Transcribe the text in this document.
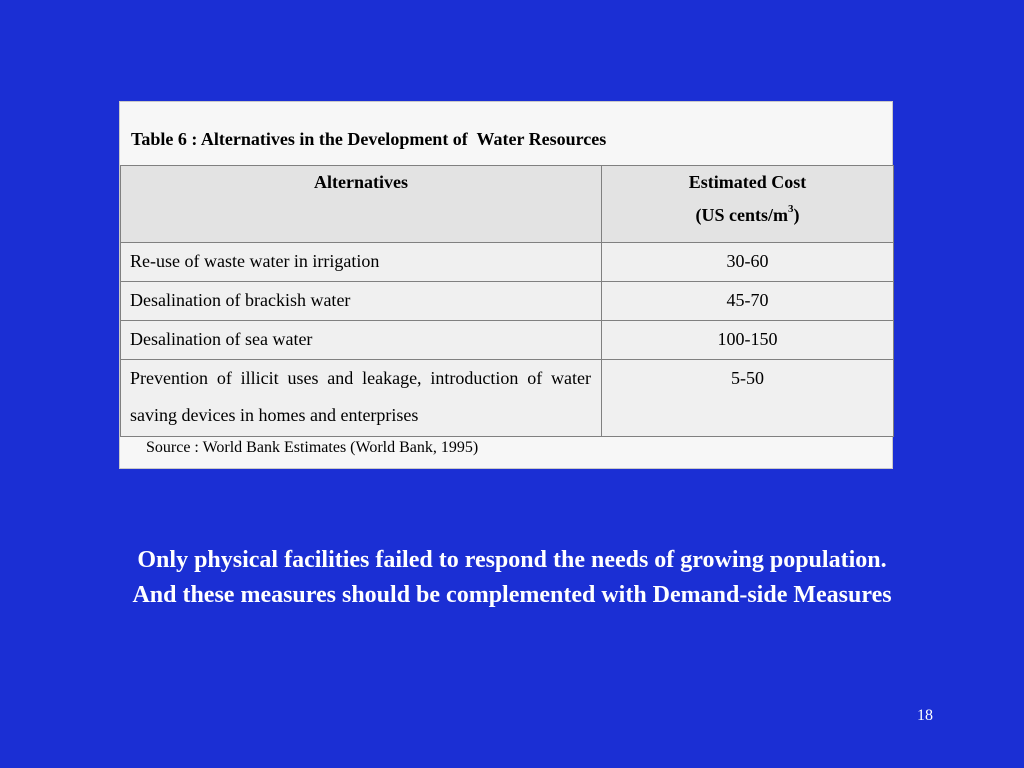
Table 6 : Alternatives in the Development of  Water Resources
Alternatives	Estimated Cost
(US cents/$m^3$)

Re-use of waste water in irrigation	30-60
Desalination of brackish water	45-70
Desalination of sea water	100-150
Prevention of illicit uses and leakage, introduction of water saving devices in homes and enterprises	5-50
Source : World Bank Estimates (World Bank, 1995)
Only physical facilities failed to respond the needs of growing population.
And these measures should be complemented with Demand-side Measures
18
